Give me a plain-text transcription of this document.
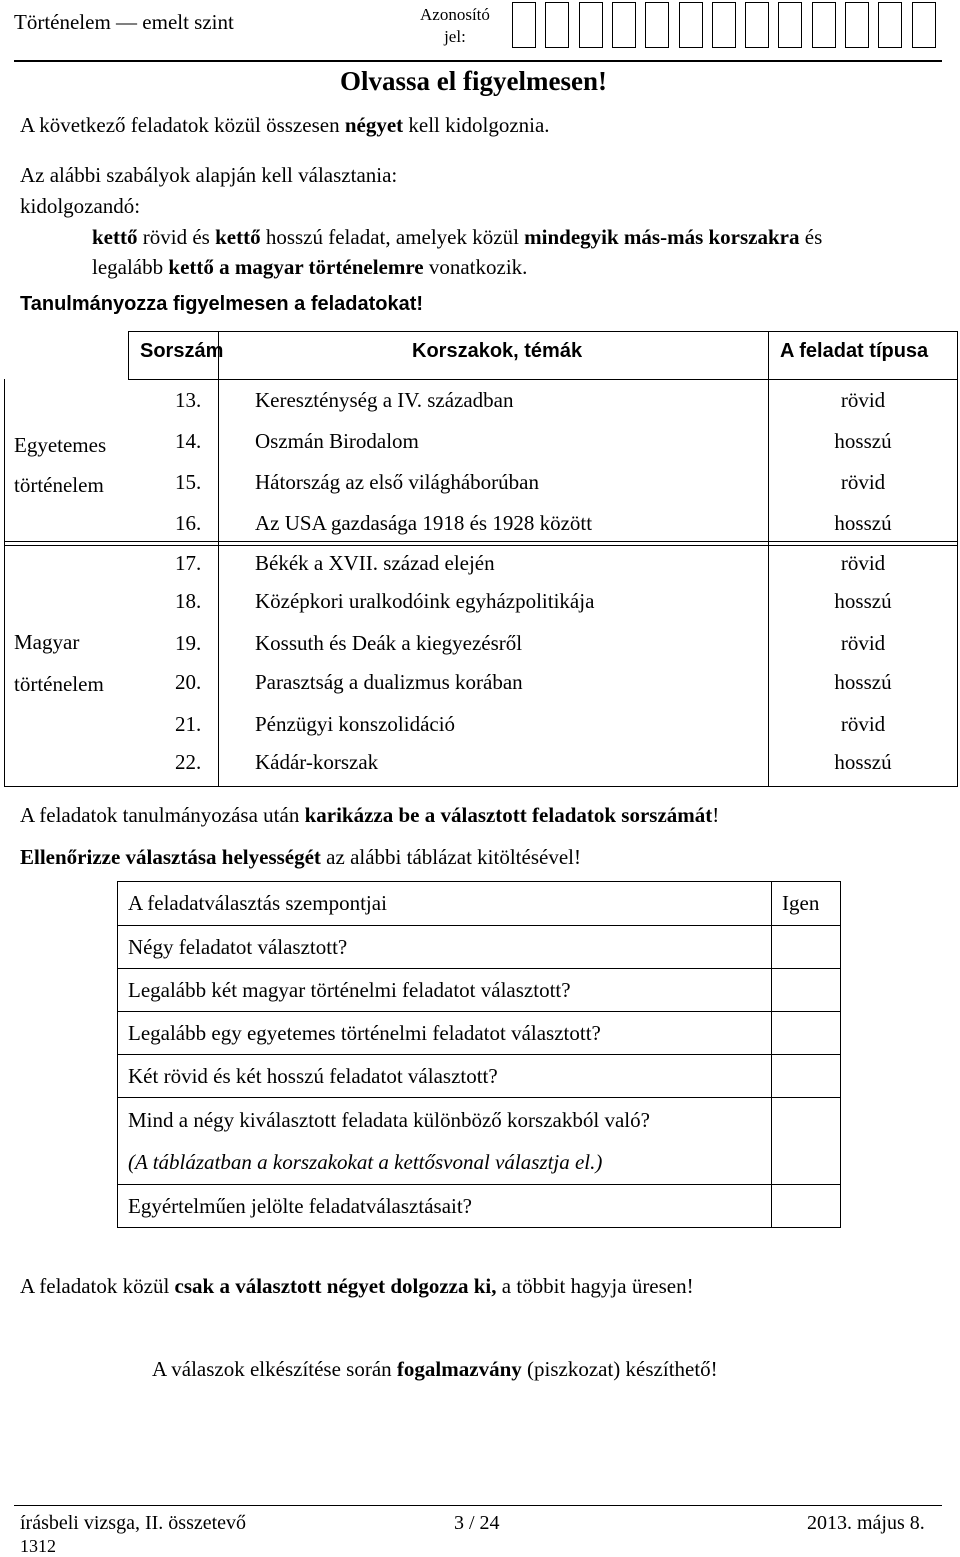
Történelem — emelt szint	Azonosító
jel:
Olvassa el figyelmesen!
A következő feladatok közül összesen négyet kell kidolgoznia.
Az alábbi szabályok alapján kell választania:
kidolgozandó:
kettő rövid és kettő hosszú feladat, amelyek közül mindegyik más-más korszakra és
legalább kettő a magyar történelemre vonatkozik.
Tanulmányozza figyelmesen a feladatokat!
Sorszám	Korszakok, témák	A feladat típusa
Egyetemes
történelem
Magyar
történelem
13.	Kereszténység a IV. században	rövid
14.	Oszmán Birodalom	hosszú
15.	Hátország az első világháborúban	rövid
16.	Az USA gazdasága 1918 és 1928 között	hosszú
17.	Békék a XVII. század elején	rövid
18.	Középkori uralkodóink egyházpolitikája	hosszú
19.	Kossuth és Deák a kiegyezésről	rövid
20.	Parasztság a dualizmus korában	hosszú
21.	Pénzügyi konszolidáció	rövid
22.	Kádár-korszak	hosszú
A feladatok tanulmányozása után karikázza be a választott feladatok sorszámát!
Ellenőrizze választása helyességét az alábbi táblázat kitöltésével!
A feladatválasztás szempontjai	Igen
Négy feladatot választott?	
Legalább két magyar történelmi feladatot választott?	
Legalább egy egyetemes történelmi feladatot választott?	
Két rövid és két hosszú feladatot választott?	

Mind a négy kiválasztott feladata különböző korszakból való?
(A táblázatban a korszakokat a kettősvonal választja el.)	

Egyértelműen jelölte feladatválasztásait?	
A feladatok közül csak a választott négyet dolgozza ki, a többit hagyja üresen!
A válaszok elkészítése során fogalmazvány (piszkozat) készíthető!
írásbeli vizsga, II. összetevő	3 / 24	2013. május 8.
1312
